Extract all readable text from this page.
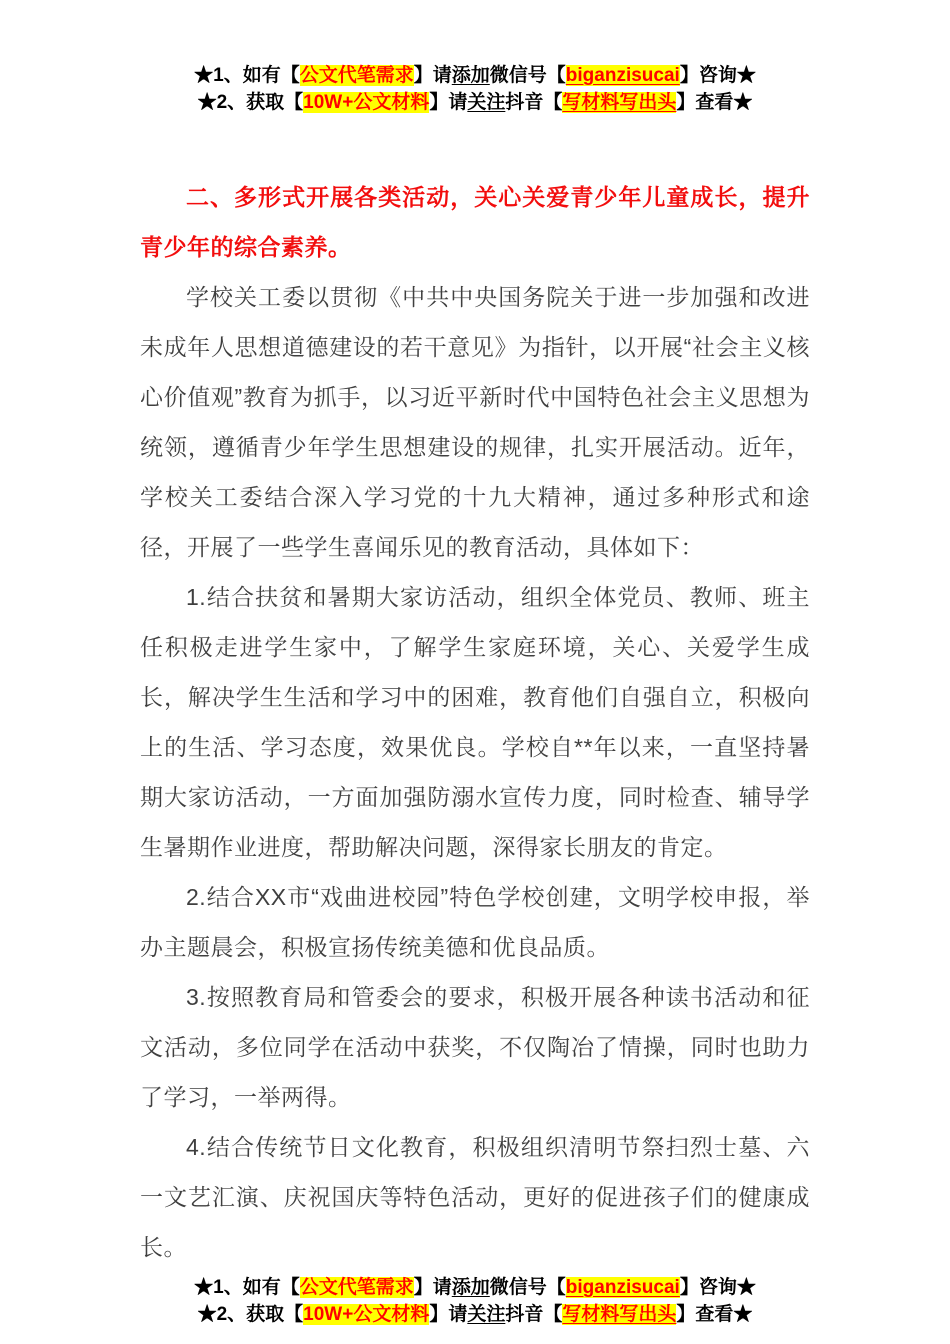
★1、如有【公文代笔需求】请添加微信号【biganzisucai】咨询★
★2、获取【10W+公文材料】请关注抖音【写材料写出头】查看★

二、多形式开展各类活动，关心关爱青少年儿童成长，提升青少年的综合素养。

学校关工委以贯彻《中共中央国务院关于进一步加强和改进未成年人思想道德建设的若干意见》为指针，以开展“社会主义核心价值观”教育为抓手，以习近平新时代中国特色社会主义思想为统领，遵循青少年学生思想建设的规律，扎实开展活动。近年，学校关工委结合深入学习党的十九大精神，通过多种形式和途径，开展了一些学生喜闻乐见的教育活动，具体如下：

1.结合扶贫和暑期大家访活动，组织全体党员、教师、班主任积极走进学生家中，了解学生家庭环境，关心、关爱学生成长，解决学生生活和学习中的困难，教育他们自强自立，积极向上的生活、学习态度，效果优良。学校自**年以来，一直坚持暑期大家访活动，一方面加强防溺水宣传力度，同时检查、辅导学生暑期作业进度，帮助解决问题，深得家长朋友的肯定。

2.结合XX市“戏曲进校园”特色学校创建，文明学校申报，举办主题晨会，积极宣扬传统美德和优良品质。

3.按照教育局和管委会的要求，积极开展各种读书活动和征文活动，多位同学在活动中获奖，不仅陶冶了情操，同时也助力了学习，一举两得。

4.结合传统节日文化教育，积极组织清明节祭扫烈士墓、六一文艺汇演、庆祝国庆等特色活动，更好的促进孩子们的健康成长。

★1、如有【公文代笔需求】请添加微信号【biganzisucai】咨询★
★2、获取【10W+公文材料】请关注抖音【写材料写出头】查看★
